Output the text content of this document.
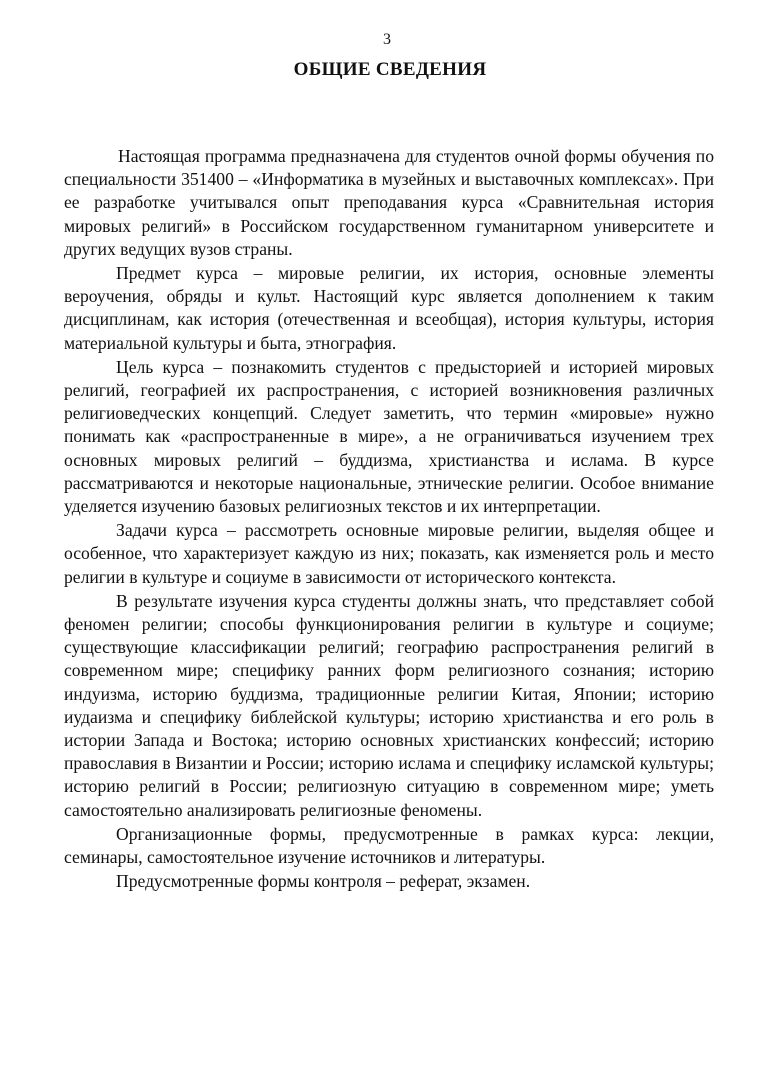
3
ОБЩИЕ СВЕДЕНИЯ

Настоящая программа предназначена для студентов очной формы обучения по специальности 351400 – «Информатика в музейных и выставочных комплексах». При ее разработке учитывался опыт преподавания курса «Сравнительная история мировых религий» в Российском государственном гуманитарном университете и других ведущих вузов страны.

Предмет курса – мировые религии, их история, основные элементы вероучения, обряды и культ. Настоящий курс является дополнением к таким дисциплинам, как история (отечественная и всеобщая), история культуры, история материальной культуры и быта, этнография.

Цель курса – познакомить студентов с предысторией и историей мировых религий, географией их распространения, с историей возникновения различных религиоведческих концепций. Следует заметить, что термин «мировые» нужно понимать как «распространенные в мире», а не ограничиваться изучением трех основных мировых религий – буддизма, христианства и ислама. В курсе рассматриваются и некоторые национальные, этнические религии. Особое внимание уделяется изучению базовых религиозных текстов и их интерпретации.

Задачи курса – рассмотреть основные мировые религии, выделяя общее и особенное, что характеризует каждую из них; показать, как изменяется роль и место религии в культуре и социуме в зависимости от исторического контекста.

В результате изучения курса студенты должны знать, что представляет собой феномен религии; способы функционирования религии в культуре и социуме; существующие классификации религий; географию распространения религий в современном мире; специфику ранних форм религиозного сознания; историю индуизма, историю буддизма, традиционные религии Китая, Японии; историю иудаизма и специфику библейской культуры; историю христианства и его роль в истории Запада и Востока; историю основных христианских конфессий; историю православия в Византии и России; историю ислама и специфику исламской культуры; историю религий в России; религиозную ситуацию в современном мире; уметь самостоятельно анализировать религиозные феномены.

Организационные формы, предусмотренные в рамках курса: лекции, семинары, самостоятельное изучение источников и литературы.

Предусмотренные формы контроля – реферат, экзамен.
